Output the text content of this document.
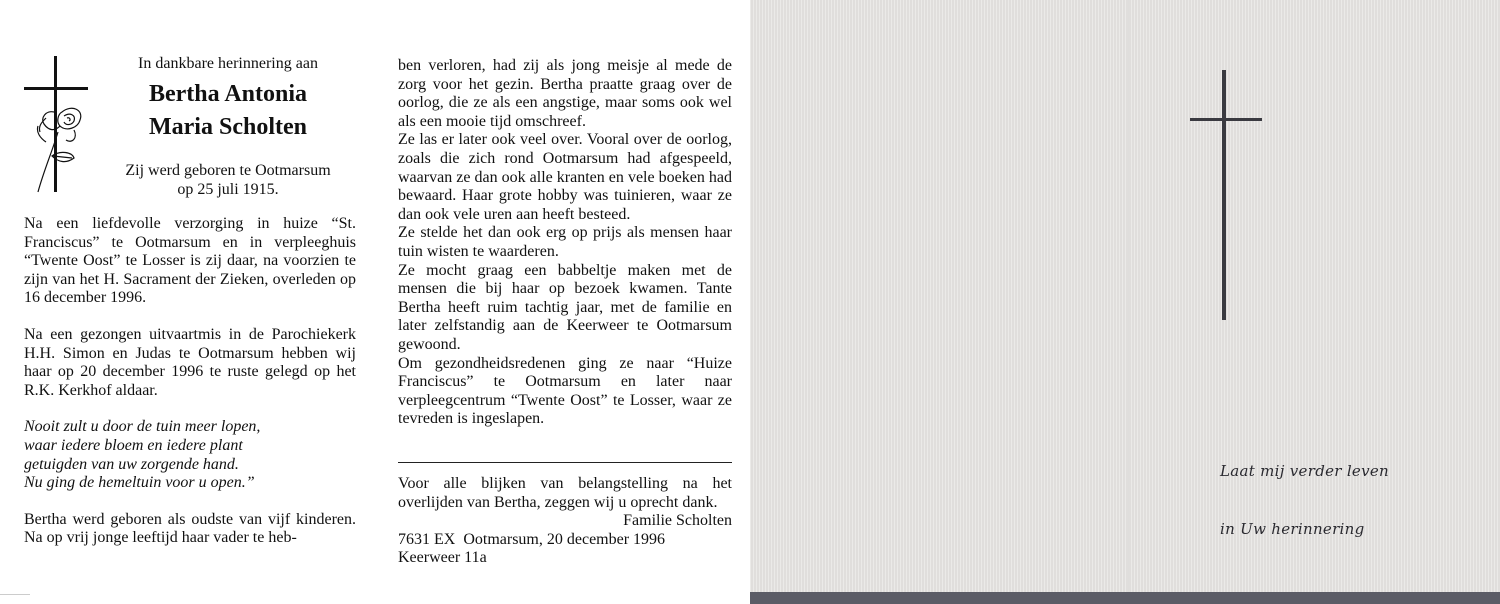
In dankbare herinnering aan
Bertha Antonia
Maria Scholten
Zij werd geboren te Ootmarsum
op 25 juli 1915.

Na een liefdevolle verzorging in huize “St. Franciscus” te Ootmarsum en in verpleeghuis “Twente Oost” te Losser is zij daar, na voorzien te zijn van het H. Sacrament der Zieken, overleden op 16 december 1996.

Na een gezongen uitvaartmis in de Parochiekerk H.H. Simon en Judas te Ootmarsum hebben wij haar op 20 december 1996 te ruste gelegd op het R.K. Kerkhof aldaar.

Nooit zult u door de tuin meer lopen,
waar iedere bloem en iedere plant
getuigden van uw zorgende hand.
Nu ging de hemeltuin voor u open.”

Bertha werd geboren als oudste van vijf kinderen. Na op vrij jonge leeftijd haar vader te heb-

ben verloren, had zij als jong meisje al mede de zorg voor het gezin. Bertha praatte graag over de oorlog, die ze als een angstige, maar soms ook wel als een mooie tijd omschreef.

Ze las er later ook veel over. Vooral over de oorlog, zoals die zich rond Ootmarsum had afgespeeld, waarvan ze dan ook alle kranten en vele boeken had bewaard. Haar grote hobby was tuinieren, waar ze dan ook vele uren aan heeft besteed.

Ze stelde het dan ook erg op prijs als mensen haar tuin wisten te waarderen.

Ze mocht graag een babbeltje maken met de mensen die bij haar op bezoek kwamen. Tante Bertha heeft ruim tachtig jaar, met de familie en later zelfstandig aan de Keerweer te Ootmarsum gewoond.

Om gezondheidsredenen ging ze naar “Huize Franciscus” te Ootmarsum en later naar verpleegcentrum “Twente Oost” te Losser, waar ze tevreden is ingeslapen.

Voor alle blijken van belangstelling na het overlijden van Bertha, zeggen wij u oprecht dank.

Familie Scholten

7631 EX  Ootmarsum, 20 december 1996

Keerweer 11a

Laat mij verder leven
in Uw herinnering
